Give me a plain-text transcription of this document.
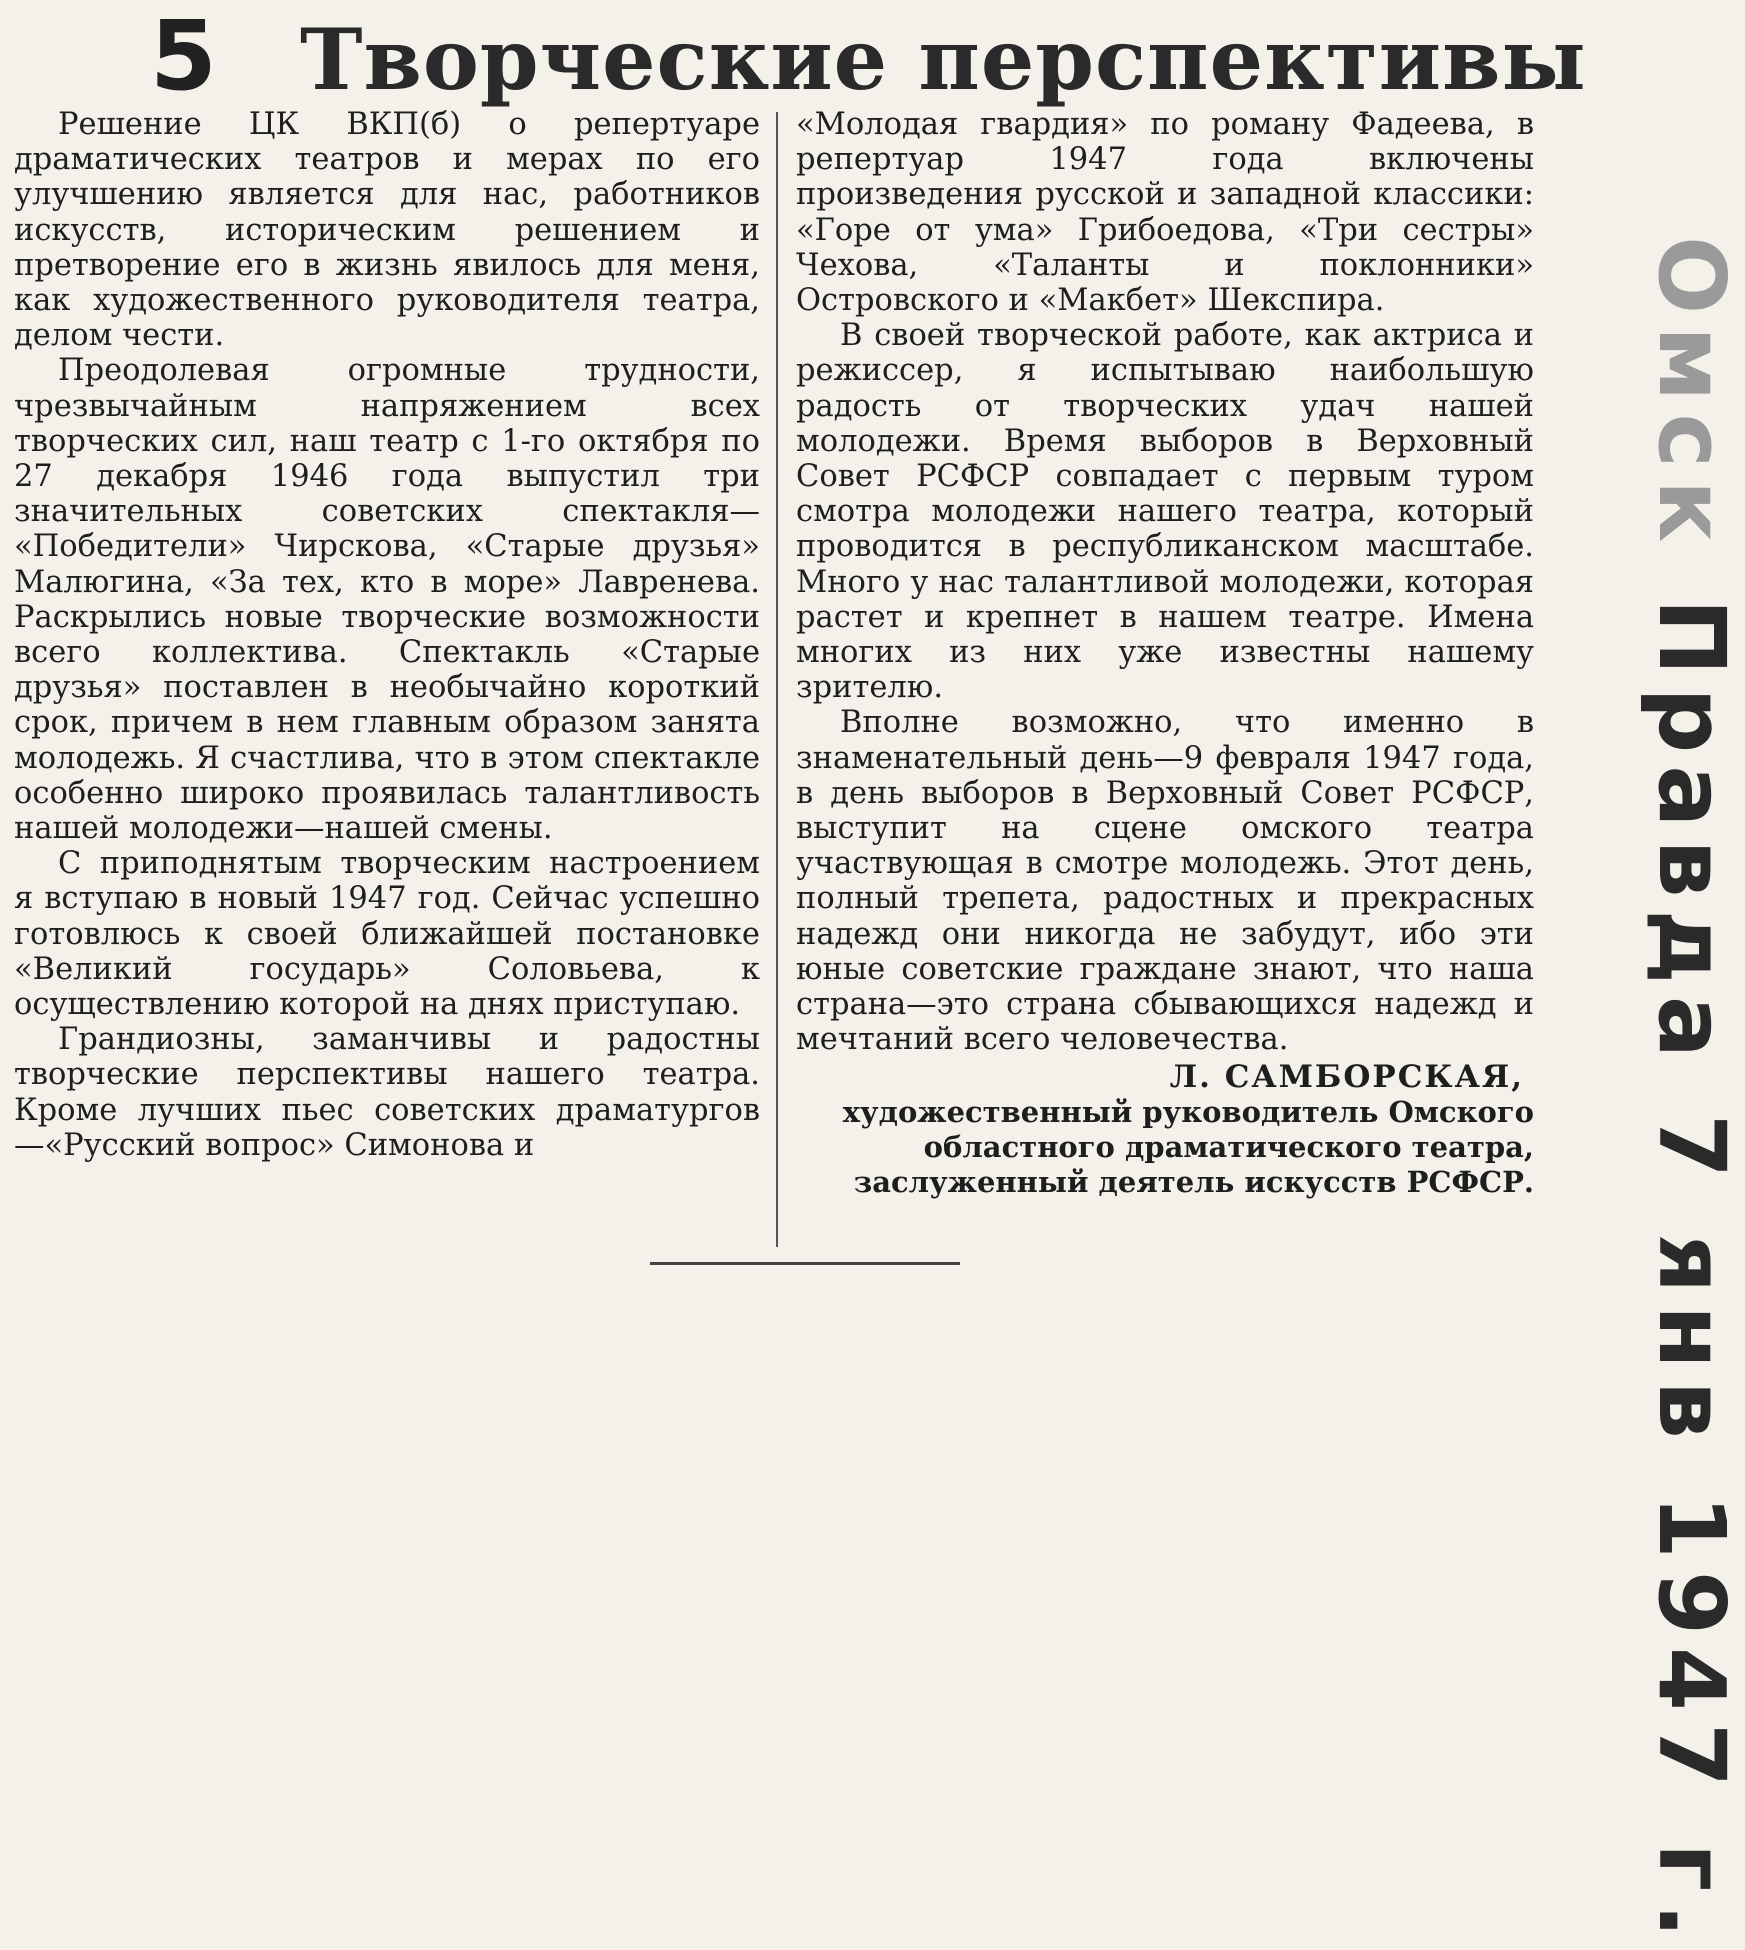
5 Творческие перспективы

Решение ЦК ВКП(б) о репертуаре драматических театров и мерах по его улучшению является для нас, работников искусств, историческим решением и претворение его в жизнь явилось для меня, как художественного руководителя театра, делом чести.

Преодолевая огромные трудности, чрезвычайным напряжением всех творческих сил, наш театр с 1-го октября по 27 декабря 1946 года выпустил три значительных советских спектакля— «Победители» Чирскова, «Старые друзья» Малюгина, «За тех, кто в море» Лавренева. Раскрылись новые творческие возможности всего коллектива. Спектакль «Старые друзья» поставлен в необычайно короткий срок, причем в нем главным образом занята молодежь. Я счастлива, что в этом спектакле особенно широко проявилась талантливость нашей молодежи—нашей смены.

С приподнятым творческим настроением я вступаю в новый 1947 год. Сейчас успешно готовлюсь к своей ближайшей постановке «Великий государь» Соловьева, к осуществлению которой на днях приступаю.

Грандиозны, заманчивы и радостны творческие перспективы нашего театра. Кроме лучших пьес советских драматургов—«Русский вопрос» Симонова и

«Молодая гвардия» по роману Фадеева, в репертуар 1947 года включены произведения русской и западной классики: «Горе от ума» Грибоедова, «Три сестры» Чехова, «Таланты и поклонники» Островского и «Макбет» Шекспира.

В своей творческой работе, как актриса и режиссер, я испытываю наибольшую радость от творческих удач нашей молодежи. Время выборов в Верховный Совет РСФСР совпадает с первым туром смотра молодежи нашего театра, который проводится в республиканском масштабе. Много у нас талантливой молодежи, которая растет и крепнет в нашем театре. Имена многих из них уже известны нашему зрителю.

Вполне возможно, что именно в знаменательный день—9 февраля 1947 года, в день выборов в Верховный Совет РСФСР, выступит на сцене омского театра участвующая в смотре молодежь. Этот день, полный трепета, радостных и прекрасных надежд они никогда не забудут, ибо эти юные советские граждане знают, что наша страна—это страна сбывающихся надежд и мечтаний всего человечества.

Л. САМБОРСКАЯ,
художественный руководитель Омского
областного драматического театра,
заслуженный деятель искусств РСФСР.
Омск Правда 7 янв 1947 г.
